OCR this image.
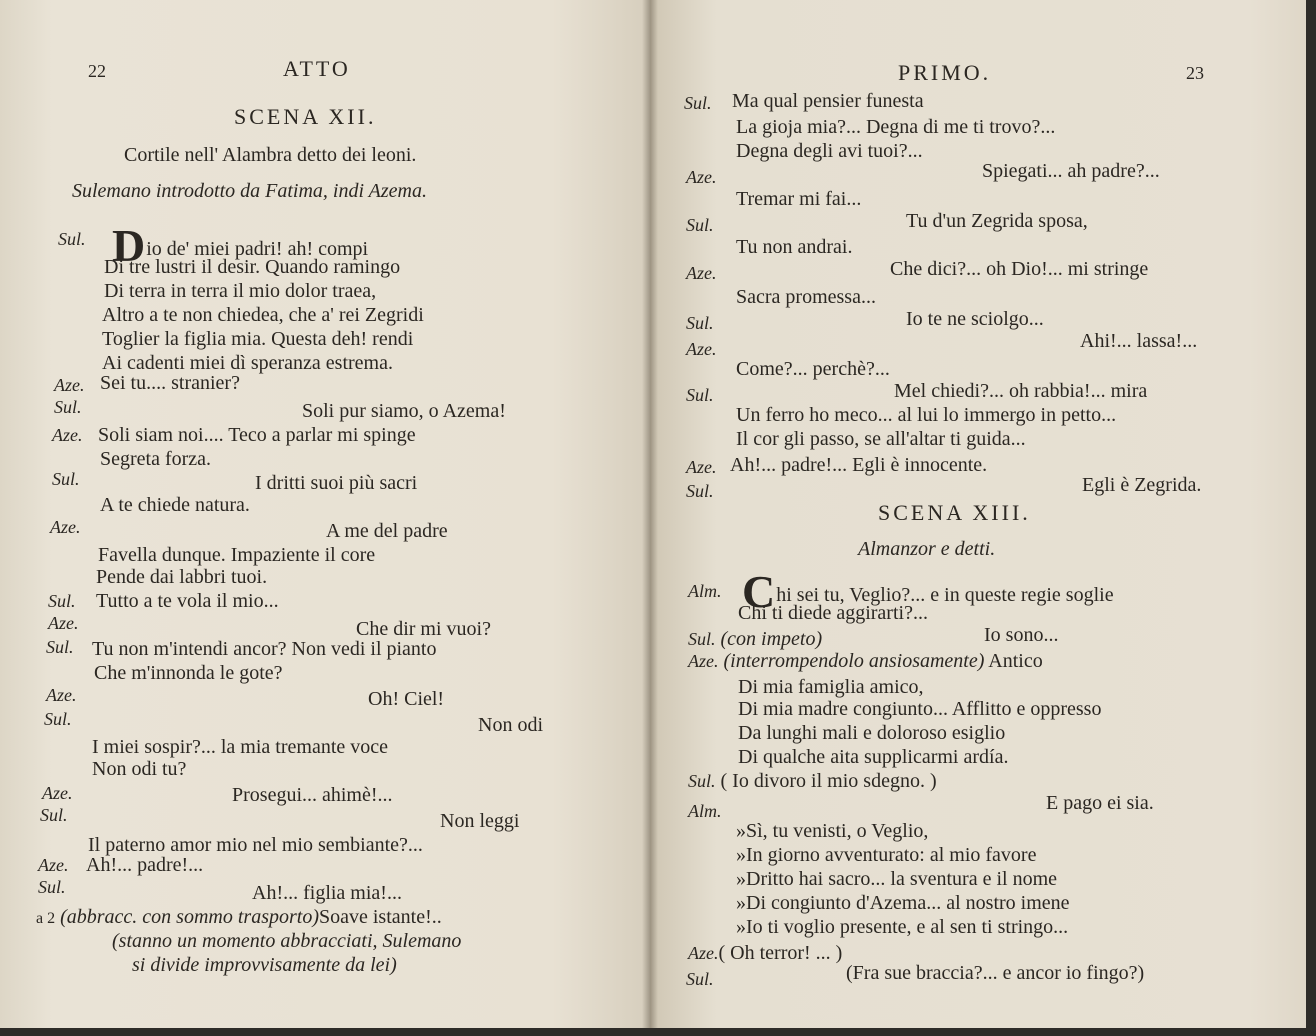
22	ATTO
SCENA XII.
Cortile nell' Alambra detto dei leoni.
Sulemano introdotto da Fatima, indi Azema.
Sul. Dio de' miei padri! ah! compi
Di tre lustri il desir. Quando ramingo
Di terra in terra il mio dolor traea,
Altro a te non chiedea, che a' rei Zegridi
Toglier la figlia mia. Questa deh! rendi
Ai cadenti miei dì speranza estrema.
Aze. Sei tu.... stranier?
Sul.	Soli pur siamo, o Azema!
Aze. Soli siam noi.... Teco a parlar mi spinge
Segreta forza.
Sul.	I dritti suoi più sacri
A te chiede natura.
Aze.	A me del padre
Favella dunque. Impaziente il core
Pende dai labbri tuoi.
Sul. Tutto a te vola il mio...
Aze.	Che dir mi vuoi?
Sul. Tu non m'intendi ancor? Non vedi il pianto
Che m'innonda le gote?
Aze.	Oh! Ciel!
Sul.	Non odi
I miei sospir?... la mia tremante voce
Non odi tu?
Aze.	Prosegui... ahimè!...
Sul.	Non leggi
Il paterno amor mio nel mio sembiante?...
Aze. Ah!... padre!...
Sul.	Ah!... figlia mia!...
a 2 (abbracc. con sommo trasporto)Soave istante!..
(stanno un momento abbracciati, Sulemano
si divide improvvisamente da lei)
PRIMO.	23
Sul. Ma qual pensier funesta
La gioja mia?... Degna di me ti trovo?...
Degna degli avi tuoi?...
Aze.	Spiegati... ah padre?...
Tremar mi fai...
Sul.	Tu d'un Zegrida sposa,
Tu non andrai.
Aze.	Che dici?... oh Dio!... mi stringe
Sacra promessa...
Sul.	Io te ne sciolgo...
Aze.	Ahi!... lassa!...
Come?... perchè?...
Sul.	Mel chiedi?... oh rabbia!... mira
Un ferro ho meco... al lui lo immergo in petto...
Il cor gli passo, se all'altar ti guida...
Aze. Ah!... padre!... Egli è innocente.
Sul.	Egli è Zegrida.
SCENA XIII.
Almanzor e detti.
Alm. Chi sei tu, Veglio?... e in queste regie soglie
Chi ti diede aggirarti?...
Sul. (con impeto)	Io sono...
Aze. (interrompendolo ansiosamente) Antico
Di mia famiglia amico,
Di mia madre congiunto... Afflitto e oppresso
Da lunghi mali e doloroso esiglio
Di qualche aita supplicarmi ardía.
Sul. ( Io divoro il mio sdegno. )
Alm.	E pago ei sia.
»Sì, tu venisti, o Veglio,
»In giorno avventurato: al mio favore
»Dritto hai sacro... la sventura e il nome
»Di congiunto d'Azema... al nostro imene
»Io ti voglio presente, e al sen ti stringo...
Aze.( Oh terror! ... )
Sul.	(Fra sue braccia?... e ancor io fingo?)
